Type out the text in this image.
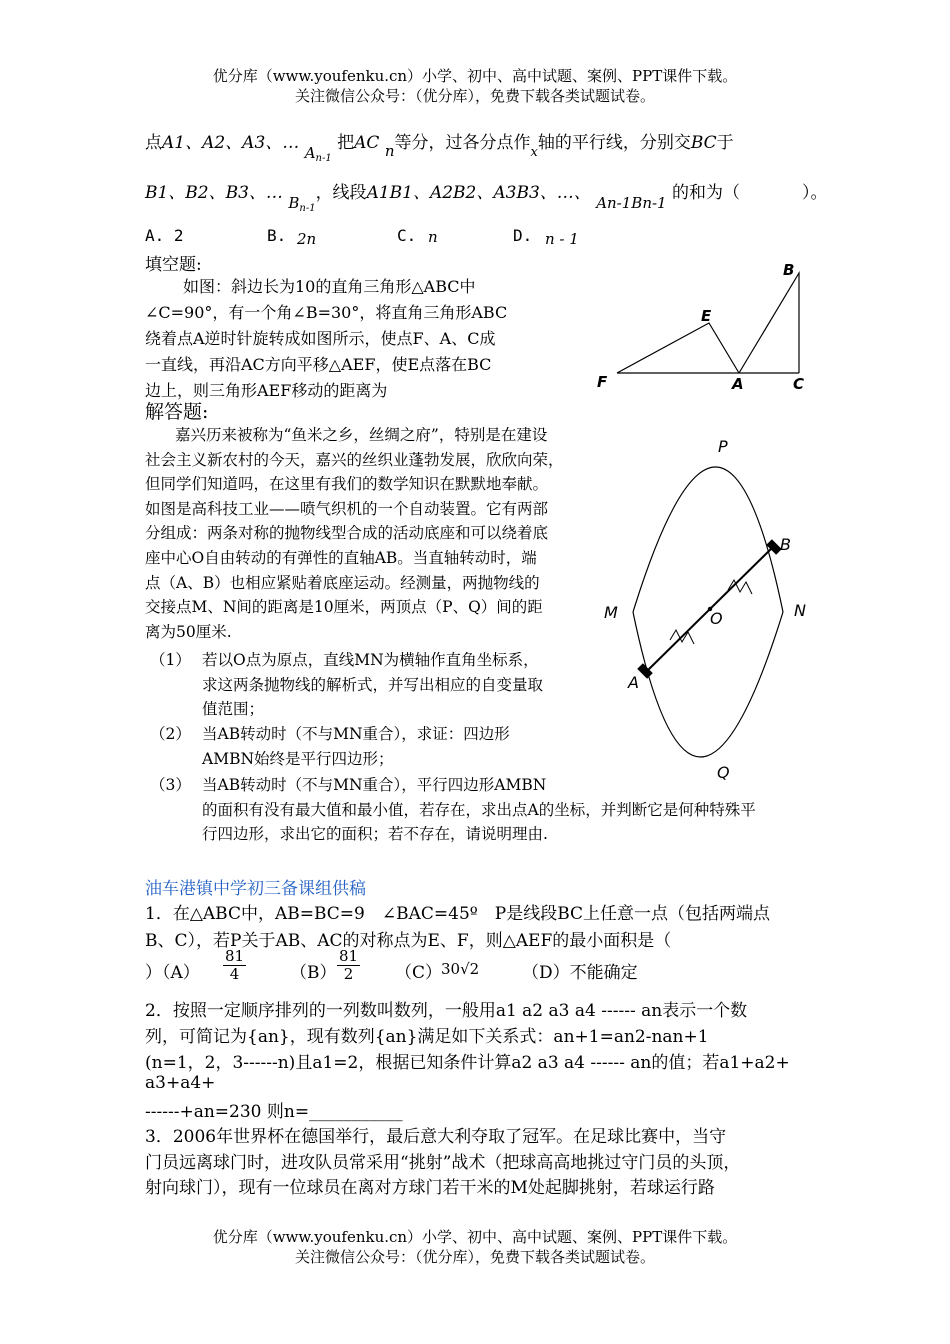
优分库（www.youfenku.cn）小学、初中、高中试题、案例、PPT课件下载。
关注微信公众号：（优分库），免费下载各类试题试卷。
点A1、A2、A3、… $A_{n-1}$ 把AC n等分，过各分点作$_x$轴的平行线，分别交BC于
B1、B2、B3、… $B_{n-1}$，线段A1B1、A2B2、A3B3、…、 An-1Bn-1 的和为（	）。
A. 2	B. 2n	C. n	D. n - 1
填空题:
如图：斜边长为10的直角三角形△ABC中
∠C=90°，有一个角∠B=30°，将直角三角形ABC
绕着点A逆时针旋转成如图所示，使点F、A、C成
一直线，再沿AC方向平移△AEF，使E点落在BC
边上，则三角形AEF移动的距离为
B
E
F	A	C
解答题:
嘉兴历来被称为“鱼米之乡，丝绸之府”，特别是在建设
社会主义新农村的今天，嘉兴的丝织业蓬勃发展，欣欣向荣，
但同学们知道吗，在这里有我们的数学知识在默默地奉献。
如图是高科技工业——喷气织机的一个自动装置。它有两部
分组成：两条对称的抛物线型合成的活动底座和可以绕着底
座中心O自由转动的有弹性的直轴AB。当直轴转动时，端
点（A、B）也相应紧贴着底座运动。经测量，两抛物线的
交接点M、N间的距离是10厘米，两顶点（P、Q）间的距
离为50厘米.
（1） 若以O点为原点，直线MN为横轴作直角坐标系，
求这两条抛物线的解析式，并写出相应的自变量取
值范围；
（2） 当AB转动时（不与MN重合），求证：四边形
AMBN始终是平行四边形；
（3） 当AB转动时（不与MN重合），平行四边形AMBN
的面积有没有最大值和最小值，若存在，求出点A的坐标，并判断它是何种特殊平
行四边形，求出它的面积；若不存在，请说明理由.
P
B
M	O	N
A
Q
油车港镇中学初三备课组供稿
1．在△ABC中，AB=BC=9　∠BAC=45º　P是线段BC上任意一点（包括两端点
B、C），若P关于AB、AC的对称点为E、F，则△AEF的最小面积是（
）$(A) \frac{81}{4}$	$(B) \frac{81}{2} (C)$
30√2	（D）不能确定
2．按照一定顺序排列的一列数叫数列，一般用a1 a2 a3 a4 ------ an表示一个数
列，可简记为{an}，现有数列{an}满足如下关系式：an+1=an2-nan+1
(n=1，2，3------n)且a1=2，根据已知条件计算a2 a3 a4 ------ an的值；若a1+a2+
a3+a4+
------+an=230 则n=___________
3．2006年世界杯在德国举行，最后意大利夺取了冠军。在足球比赛中，当守
门员远离球门时，进攻队员常采用“挑射”战术（把球高高地挑过守门员的头顶，
射向球门），现有一位球员在离对方球门若干米的M处起脚挑射，若球运行路
优分库（www.youfenku.cn）小学、初中、高中试题、案例、PPT课件下载。
关注微信公众号：（优分库），免费下载各类试题试卷。
